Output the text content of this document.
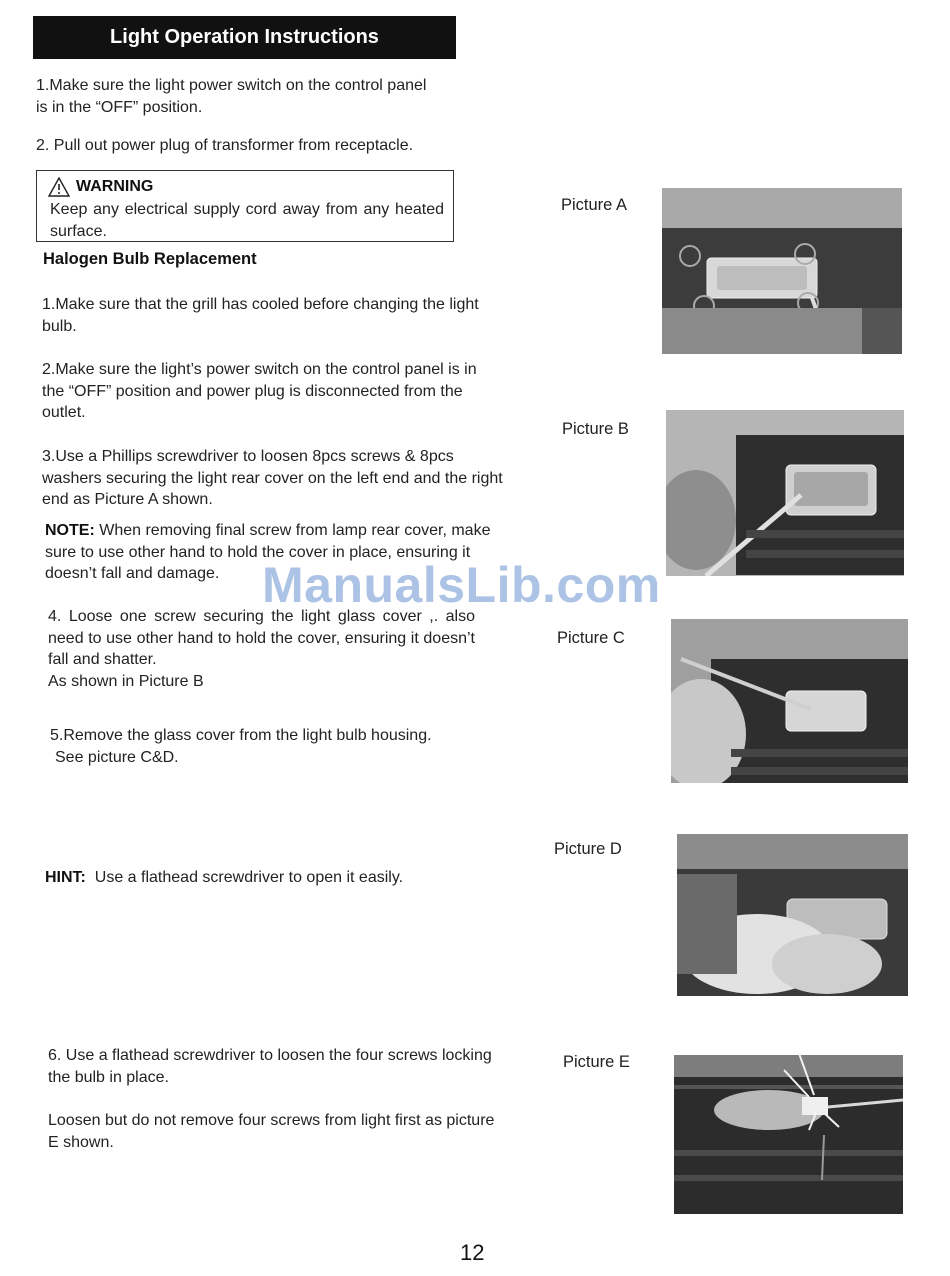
Light Operation Instructions
1.Make sure the light power switch on the control panel is in the “OFF” position.
2. Pull out power plug of transformer from receptacle.
WARNING
Keep any electrical supply cord away from any heated surface.
Halogen Bulb Replacement
1.Make sure that the grill has cooled before changing the light bulb.
2.Make sure the light’s power switch on the control panel is in the “OFF” position and power plug is disconnected from the outlet.
3.Use a Phillips screwdriver to loosen 8pcs screws & 8pcs washers securing the light rear cover on the left end and the right end as Picture A shown.
NOTE: When removing final screw from lamp rear cover, make sure to use other hand to hold the cover in place, ensuring it doesn’t fall and damage.
4. Loose one screw securing the light glass cover ,. also need to use other hand to hold the cover, ensuring it doesn’t fall and shatter.
As shown in Picture B
5.Remove the glass cover from the light bulb housing.
See picture C&D.
HINT: Use a flathead screwdriver to open it easily.
6. Use a flathead screwdriver to loosen the four screws locking the bulb in place.
Loosen but do not remove four screws from light first as picture E shown.
Picture A
Picture B
Picture C
Picture D
Picture E
ManualsLib.com
12
